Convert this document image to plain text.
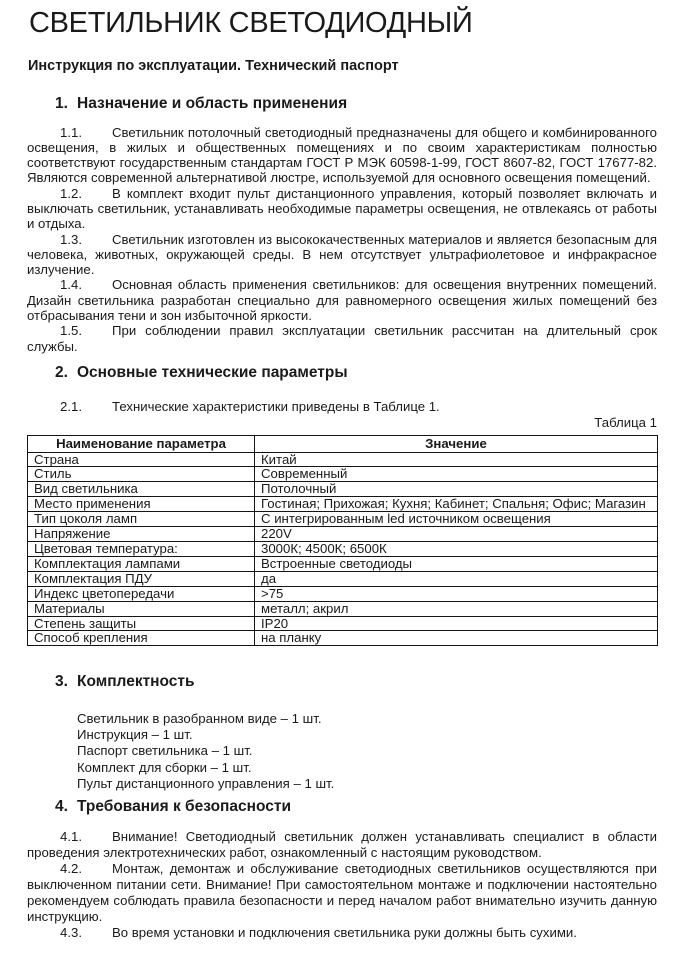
СВЕТИЛЬНИК СВЕТОДИОДНЫЙ

Инструкция по эксплуатации. Технический паспорт

1. Назначение и область применения

1.1. Светильник потолочный светодиодный предназначены для общего и комбинированного освещения, в жилых и общественных помещениях и по своим характеристикам полностью соответствуют государственным стандартам ГОСТ Р МЭК 60598-1-99, ГОСТ 8607-82, ГОСТ 17677-82. Являются современной альтернативой люстре, используемой для основного освещения помещений.

1.2. В комплект входит пульт дистанционного управления, который позволяет включать и выключать светильник, устанавливать необходимые параметры освещения, не отвлекаясь от работы и отдыха.

1.3. Светильник изготовлен из высококачественных материалов и является безопасным для человека, животных, окружающей среды. В нем отсутствует ультрафиолетовое и инфракрасное излучение.

1.4. Основная область применения светильников: для освещения внутренних помещений. Дизайн светильника разработан специально для равномерного освещения жилых помещений без отбрасывания тени и зон избыточной яркости.

1.5. При соблюдении правил эксплуатации светильник рассчитан на длительный срок службы.

2. Основные технические параметры

2.1. Технические характеристики приведены в Таблице 1.

Таблица 1

Наименование параметра	Значение
Страна	Китай
Стиль	Современный
Вид светильника	Потолочный
Место применения	Гостиная; Прихожая; Кухня; Кабинет; Спальня; Офис; Магазин
Тип цоколя ламп	С интегрированным led источником освещения
Напряжение	220V
Цветовая температура:	3000К; 4500К; 6500К
Комплектация лампами	Встроенные светодиоды
Комплектация ПДУ	да
Индекс цветопередачи	>75
Материалы	металл; акрил
Степень защиты	IP20
Способ крепления	на планку
3. Комплектность
Светильник в разобранном виде – 1 шт.
Инструкция – 1 шт.
Паспорт светильника – 1 шт.
Комплект для сборки – 1 шт.
Пульт дистанционного управления – 1 шт.
4. Требования к безопасности

4.1. Внимание! Светодиодный светильник должен устанавливать специалист в области проведения электротехнических работ, ознакомленный с настоящим руководством.

4.2. Монтаж, демонтаж и обслуживание светодиодных светильников осуществляются при выключенном питании сети. Внимание! При самостоятельном монтаже и подключении настоятельно рекомендуем соблюдать правила безопасности и перед началом работ внимательно изучить данную инструкцию.

4.3. Во время установки и подключения светильника руки должны быть сухими.
